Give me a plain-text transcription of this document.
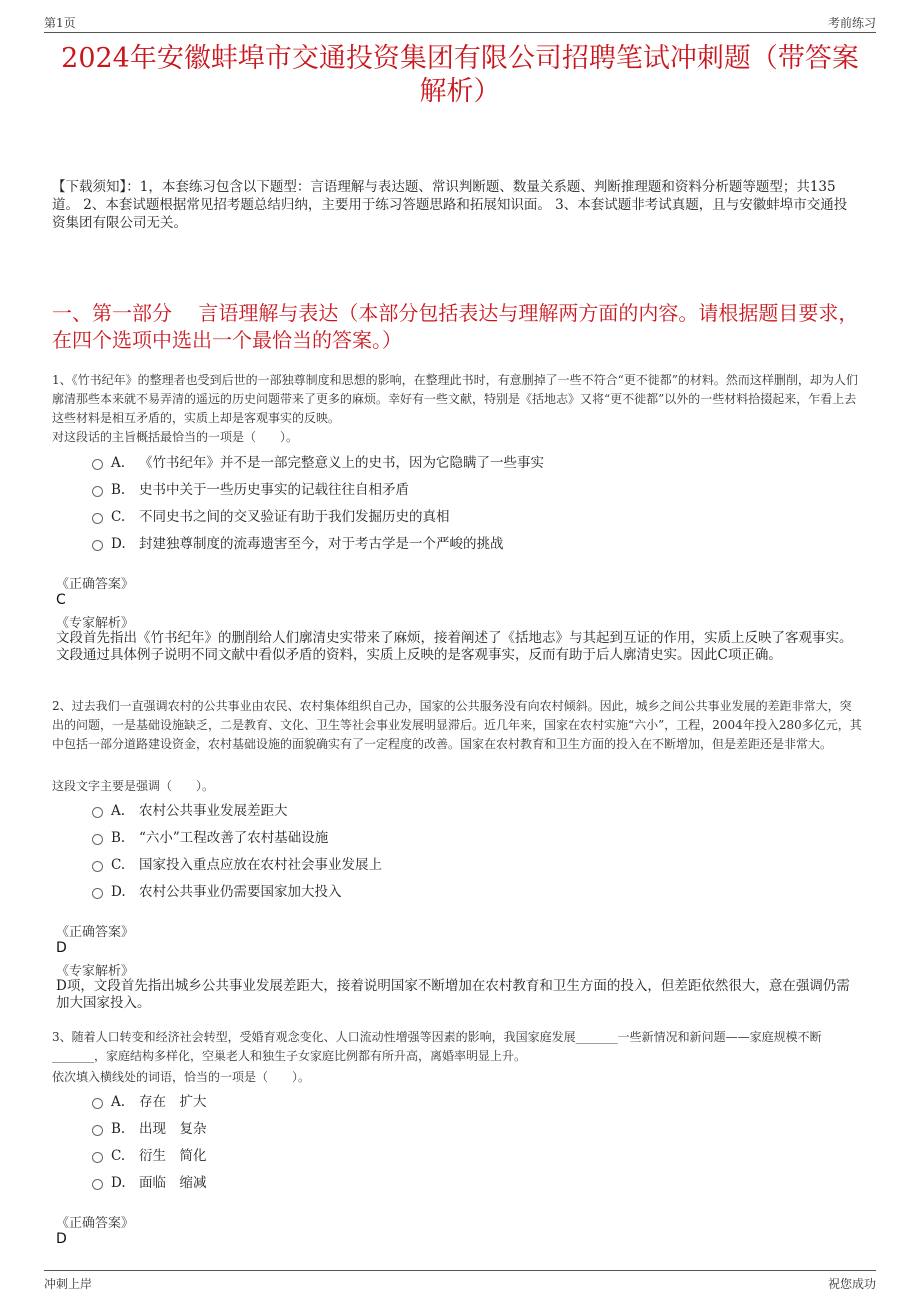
第1页	考前练习
2024年安徽蚌埠市交通投资集团有限公司招聘笔试冲刺题（带答案解析）
【下载须知】：1，本套练习包含以下题型：言语理解与表达题、常识判断题、数量关系题、判断推理题和资料分析题等题型；共135道。 2、本套试题根据常见招考题总结归纳，主要用于练习答题思路和拓展知识面。 3、本套试题非考试真题，且与安徽蚌埠市交通投资集团有限公司无关。
一、第一部分　 言语理解与表达（本部分包括表达与理解两方面的内容。请根据题目要求，在四个选项中选出一个最恰当的答案。）
1、《竹书纪年》的整理者也受到后世的一部独尊制度和思想的影响，在整理此书时，有意删掉了一些不符合“更不徙都”的材料。然而这样删削，却为人们廓清那些本来就不易弄清的遥远的历史问题带来了更多的麻烦。幸好有一些文献，特别是《括地志》又将“更不徙都”以外的一些材料拾掇起来，乍看上去这些材料是相互矛盾的，实质上却是客观事实的反映。
对这段话的主旨概括最恰当的一项是（　　）。
A. 《竹书纪年》并不是一部完整意义上的史书，因为它隐瞒了一些事实
B. 史书中关于一些历史事实的记载往往自相矛盾
C. 不同史书之间的交叉验证有助于我们发掘历史的真相
D. 封建独尊制度的流毒遗害至今，对于考古学是一个严峻的挑战
《正确答案》
C
《专家解析》
文段首先指出《竹书纪年》的删削给人们廓清史实带来了麻烦，接着阐述了《括地志》与其起到互证的作用，实质上反映了客观事实。文段通过具体例子说明不同文献中看似矛盾的资料，实质上反映的是客观事实，反而有助于后人廓清史实。因此C项正确。
2、过去我们一直强调农村的公共事业由农民、农村集体组织自己办，国家的公共服务没有向农村倾斜。因此，城乡之间公共事业发展的差距非常大，突出的问题，一是基础设施缺乏，二是教育、文化、卫生等社会事业发展明显滞后。近几年来，国家在农村实施“六小”，工程，2004年投入280多亿元，其中包括一部分道路建设资金，农村基础设施的面貌确实有了一定程度的改善。国家在农村教育和卫生方面的投入在不断增加，但是差距还是非常大。
这段文字主要是强调（　　）。
A. 农村公共事业发展差距大
B. “六小”工程改善了农村基础设施
C. 国家投入重点应放在农村社会事业发展上
D. 农村公共事业仍需要国家加大投入
《正确答案》
D
《专家解析》
D项，文段首先指出城乡公共事业发展差距大，接着说明国家不断增加在农村教育和卫生方面的投入，但差距依然很大，意在强调仍需加大国家投入。
3、随着人口转变和经济社会转型，受婚育观念变化、人口流动性增强等因素的影响，我国家庭发展_______一些新情况和新问题——家庭规模不断_______，家庭结构多样化，空巢老人和独生子女家庭比例都有所升高，离婚率明显上升。
依次填入横线处的词语，恰当的一项是（　　）。
A. 存在　扩大
B. 出现　复杂
C. 衍生　简化
D. 面临　缩减
《正确答案》
D
冲刺上岸	祝您成功
